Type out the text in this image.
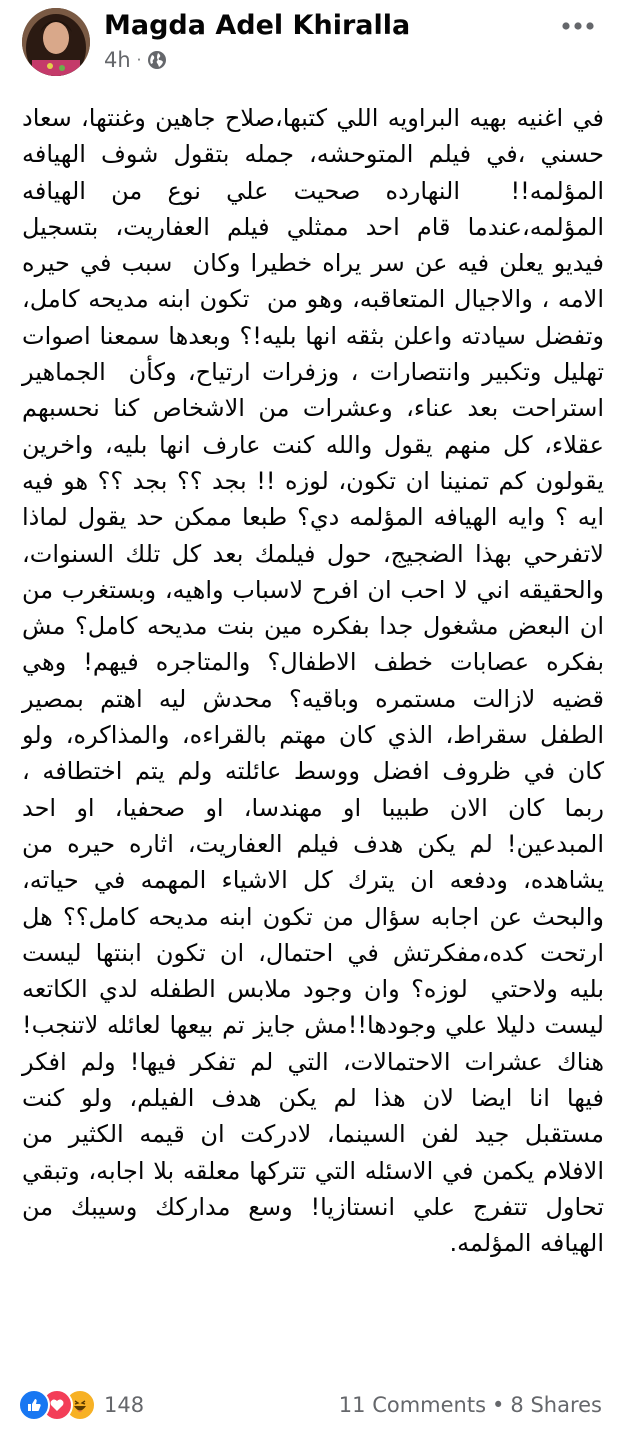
Magda Adel Khiralla
4h ·
في اغنيه بهيه البراويه اللي كتبها،صلاح جاهين وغنتها، سعاد حسني ،في فيلم المتوحشه، جمله بتقول شوف الهيافه المؤلمه!!  النهارده صحيت علي نوع من الهيافه المؤلمه،عندما قام احد ممثلي فيلم العفاريت، بتسجيل فيديو يعلن فيه عن سر يراه خطيرا وكان  سبب في حيره الامه ، والاجيال المتعاقبه، وهو من  تكون ابنه مديحه كامل، وتفضل سيادته واعلن بثقه انها بليه!؟ وبعدها سمعنا اصوات تهليل وتكبير وانتصارات ، وزفرات ارتياح، وكأن  الجماهير استراحت بعد عناء، وعشرات من الاشخاص كنا نحسبهم عقلاء، كل منهم يقول والله كنت عارف انها بليه، واخرين يقولون كم تمنينا ان تكون، لوزه !! بجد ؟؟ بجد ؟؟ هو فيه ايه ؟ وايه الهيافه المؤلمه دي؟ طبعا ممكن حد يقول لماذا لاتفرحي بهذا الضجيج، حول فيلمك بعد كل تلك السنوات، والحقيقه اني لا احب ان افرح لاسباب واهيه، وبستغرب من ان البعض مشغول جدا بفكره مين بنت مديحه كامل؟ مش بفكره عصابات خطف الاطفال؟ والمتاجره فيهم! وهي قضيه لازالت مستمره وباقيه؟ محدش ليه اهتم بمصير الطفل سقراط، الذي كان مهتم بالقراءه، والمذاكره، ولو كان في ظروف افضل ووسط عائلته ولم يتم اختطافه ، ربما كان الان طبيبا او مهندسا، او صحفيا، او احد المبدعين! لم يكن هدف فيلم العفاريت، اثاره حيره من يشاهده، ودفعه ان يترك كل الاشياء المهمه في حياته، والبحث عن اجابه سؤال من تكون ابنه مديحه كامل؟؟ هل ارتحت كده،مفكرتش في احتمال، ان تكون ابنتها ليست بليه ولاحتي  لوزه؟ وان وجود ملابس الطفله لدي الكاتعه ليست دليلا علي وجودها!!مش جايز تم بيعها لعائله لاتنجب! هناك عشرات الاحتمالات، التي لم تفكر فيها! ولم افكر فيها انا ايضا لان هذا لم يكن هدف الفيلم، ولو كنت مستقبل جيد لفن السينما، لادركت ان قيمه الكثير من الافلام يكمن في الاسئله التي تتركها معلقه بلا اجابه، وتبقي تحاول تتفرج علي انستازيا! وسع مداركك وسيبك من الهيافه المؤلمه.
148	11 Comments • 8 Shares
